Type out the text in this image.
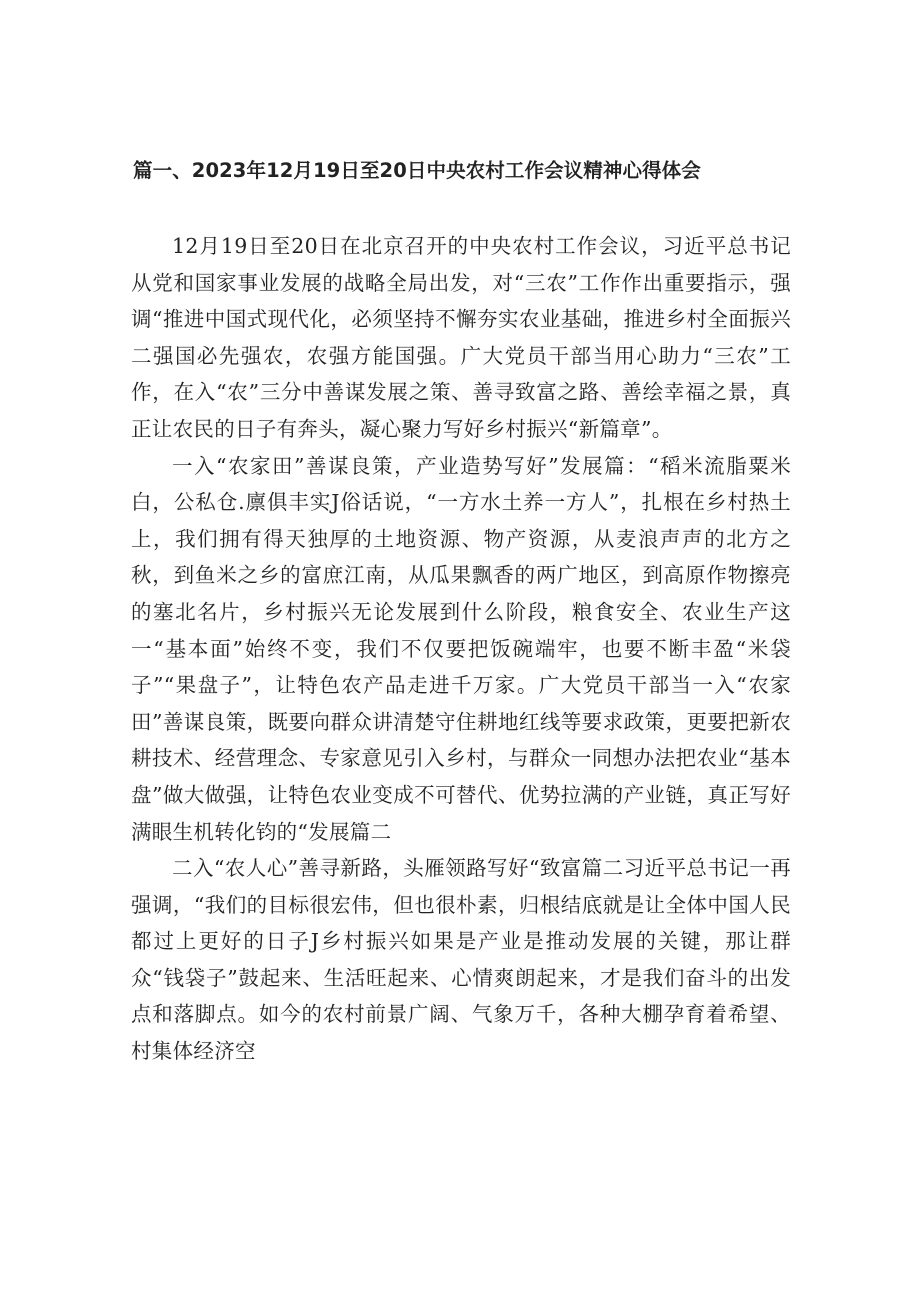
篇一、2023年12月19日至20日中央农村工作会议精神心得体会

12月19日至20日在北京召开的中央农村工作会议，习近平总书记从党和国家事业发展的战略全局出发，对“三农”工作作出重要指示，强调“推进中国式现代化，必须坚持不懈夯实农业基础，推进乡村全面振兴二强国必先强农，农强方能国强。广大党员干部当用心助力“三农”工作，在入“农”三分中善谋发展之策、善寻致富之路、善绘幸福之景，真正让农民的日子有奔头，凝心聚力写好乡村振兴“新篇章”。

一入“农家田”善谋良策，产业造势写好”发展篇：“稻米流脂粟米白，公私仓.廪俱丰实J俗话说，“一方水土养一方人”，扎根在乡村热土上，我们拥有得天独厚的土地资源、物产资源，从麦浪声声的北方之秋，到鱼米之乡的富庶江南，从瓜果飘香的两广地区，到高原作物擦亮的塞北名片，乡村振兴无论发展到什么阶段，粮食安全、农业生产这一“基本面”始终不变，我们不仅要把饭碗端牢，也要不断丰盈“米袋子”“果盘子”，让特色农产品走进千万家。广大党员干部当一入“农家田”善谋良策，既要向群众讲清楚守住耕地红线等要求政策，更要把新农耕技术、经营理念、专家意见引入乡村，与群众一同想办法把农业“基本盘”做大做强，让特色农业变成不可替代、优势拉满的产业链，真正写好满眼生机转化钧的“发展篇二

二入“农人心”善寻新路，头雁领路写好“致富篇二习近平总书记一再强调，“我们的目标很宏伟，但也很朴素，归根结底就是让全体中国人民都过上更好的日子J乡村振兴如果是产业是推动发展的关键，那让群众“钱袋子”鼓起来、生活旺起来、心情爽朗起来，才是我们奋斗的出发点和落脚点。如今的农村前景广阔、气象万千，各种大棚孕育着希望、村集体经济空
